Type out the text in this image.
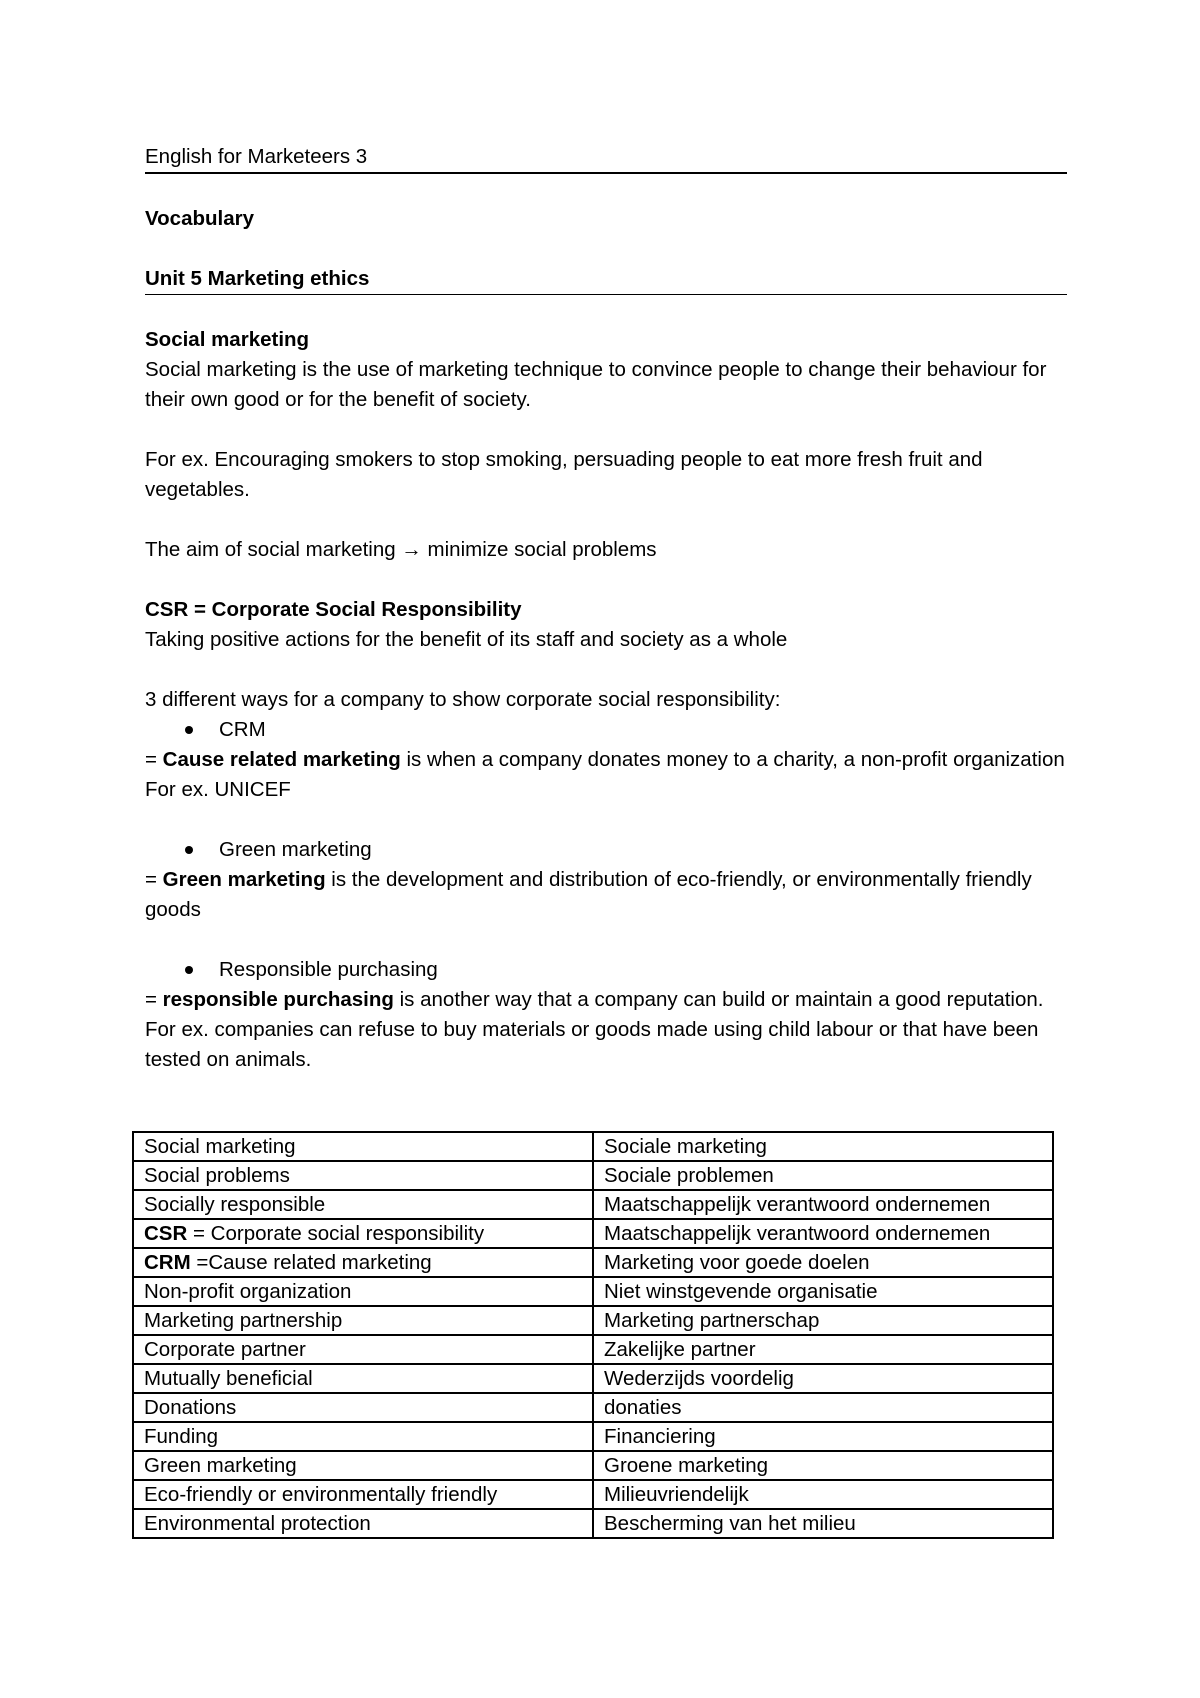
English for Marketeers 3

Vocabulary

Unit 5 Marketing ethics

Social marketing

Social marketing is the use of marketing technique to convince people to change their behaviour for their own good or for the benefit of society.

For ex. Encouraging smokers to stop smoking, persuading people to eat more fresh fruit and vegetables.

The aim of social marketing → minimize social problems

CSR = Corporate Social Responsibility

Taking positive actions for the benefit of its staff and society as a whole

3 different ways for a company to show corporate social responsibility:

CRM

= Cause related marketing is when a company donates money to a charity, a non-profit organization For ex. UNICEF

Green marketing

= Green marketing is the development and distribution of eco-friendly, or environmentally friendly goods

Responsible purchasing

= responsible purchasing is another way that a company can build or maintain a good reputation.

For ex. companies can refuse to buy materials or goods made using child labour or that have been tested on animals.

Social marketing	Sociale marketing
Social problems	Sociale problemen
Socially responsible	Maatschappelijk verantwoord ondernemen
CSR = Corporate social responsibility	Maatschappelijk verantwoord ondernemen
CRM =Cause related marketing	Marketing voor goede doelen
Non-profit organization	Niet winstgevende organisatie
Marketing partnership	Marketing partnerschap
Corporate partner	Zakelijke partner
Mutually beneficial	Wederzijds voordelig
Donations	donaties
Funding	Financiering
Green marketing	Groene marketing
Eco-friendly or environmentally friendly	Milieuvriendelijk
Environmental protection	Bescherming van het milieu
